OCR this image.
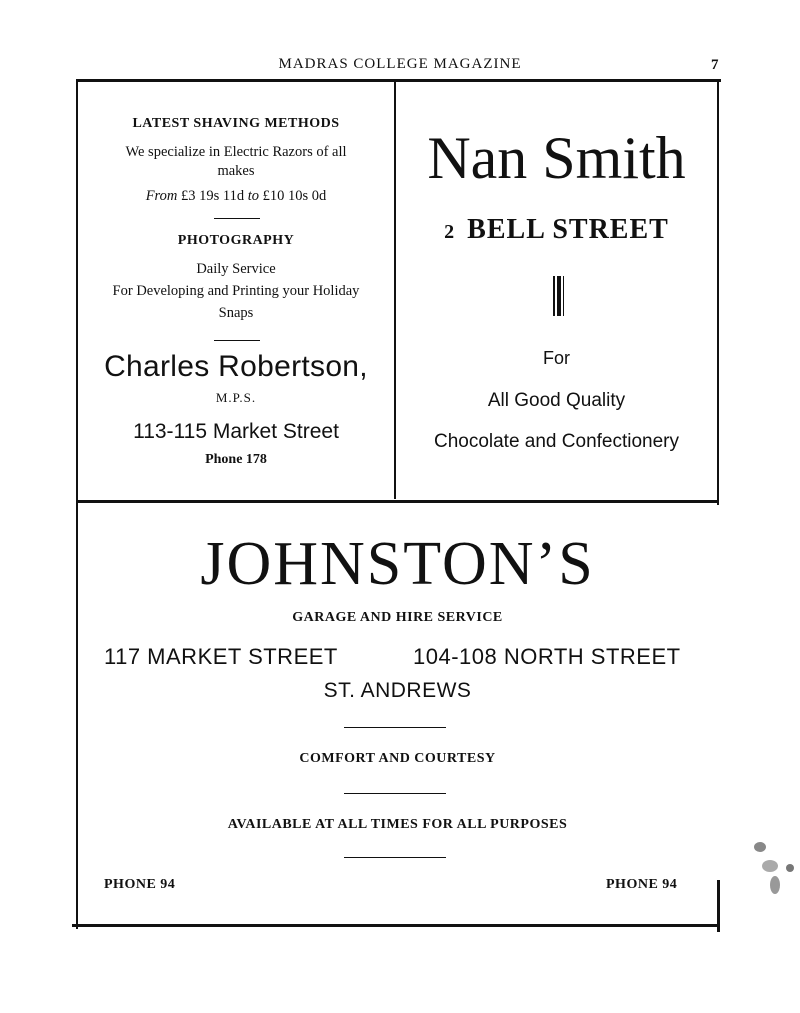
MADRAS COLLEGE MAGAZINE	7
LATEST SHAVING METHODS
We specialize in Electric Razors of all
makes
From £3 19s 11d to £10 10s 0d
PHOTOGRAPHY
Daily Service
For Developing and Printing your Holiday
Snaps
Charles Robertson,
M.P.S.
113-115 Market Street
Phone 178
Nan Smith
2 BELL STREET
For
All Good Quality
Chocolate and Confectionery
JOHNSTON’S
GARAGE AND HIRE SERVICE
117 MARKET STREET	104-108 NORTH STREET
ST. ANDREWS
COMFORT AND COURTESY
AVAILABLE AT ALL TIMES FOR ALL PURPOSES
PHONE 94	PHONE 94
